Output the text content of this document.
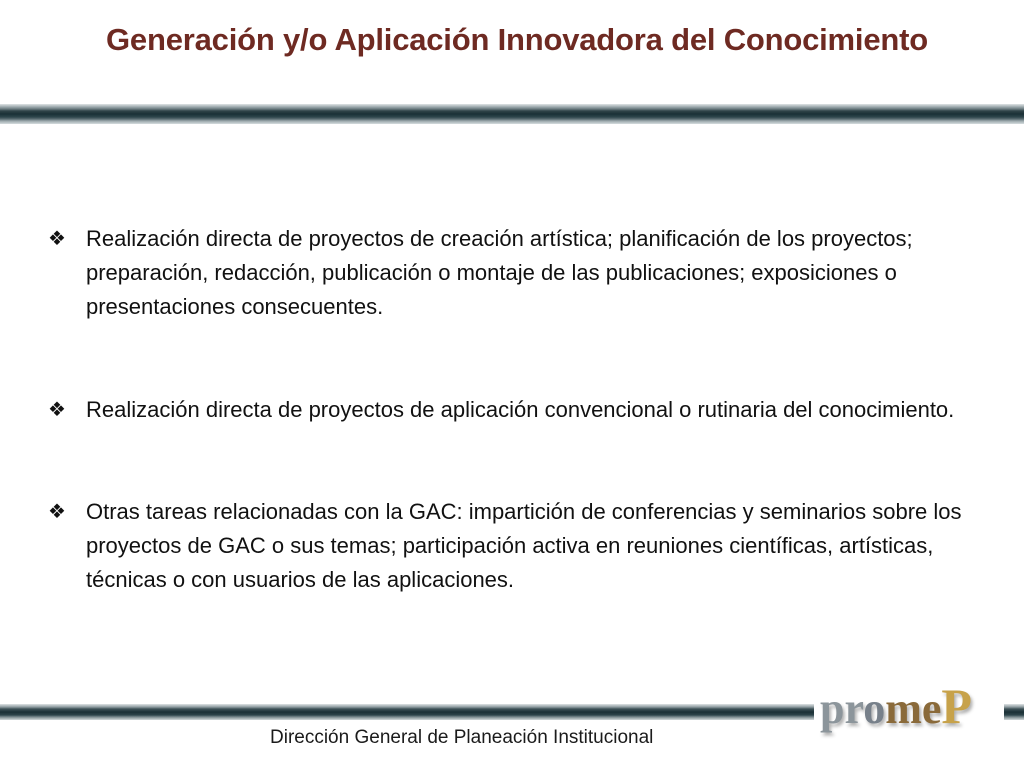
Generación y/o Aplicación Innovadora del Conocimiento
❖ Realización directa de proyectos de creación artística; planificación de los proyectos; preparación, redacción, publicación o montaje de las publicaciones; exposiciones o presentaciones consecuentes.
❖ Realización directa de proyectos de aplicación convencional o rutinaria del conocimiento.
❖ Otras tareas relacionadas con la GAC: impartición de conferencias y seminarios sobre los proyectos de GAC o sus temas; participación activa en reuniones científicas, artísticas, técnicas o con usuarios de las aplicaciones.
promeP
Dirección General de Planeación Institucional
